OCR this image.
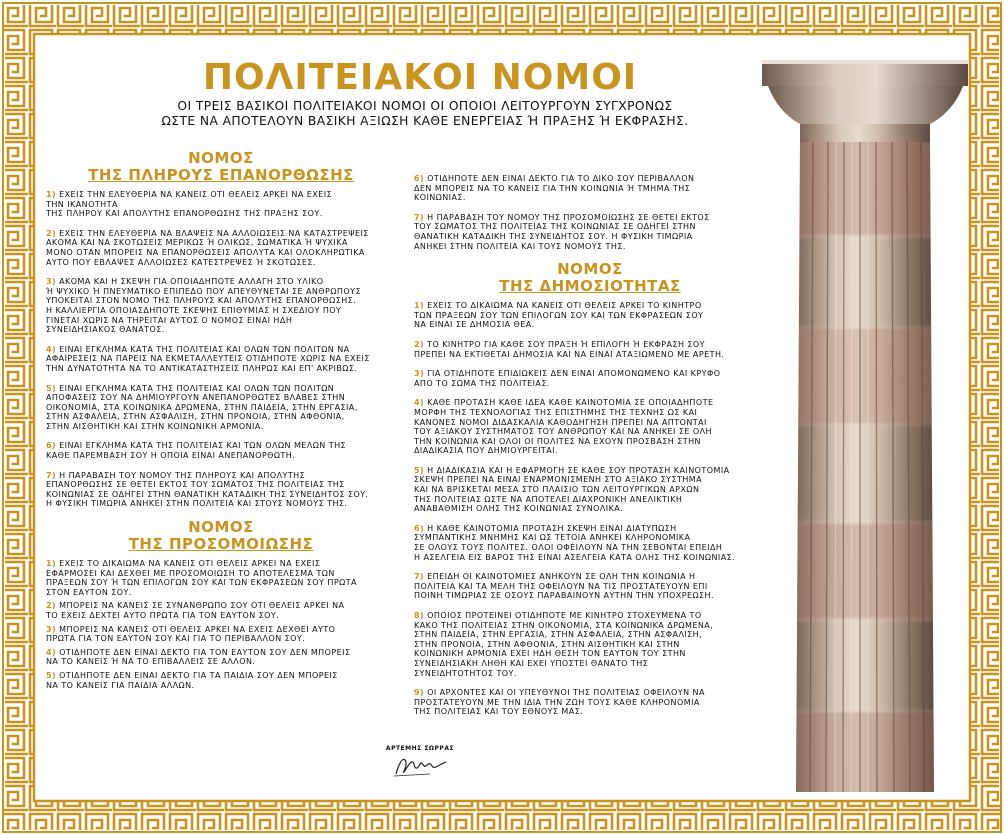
ΠΟΛΙΤΕΙΑΚΟΙ ΝΟΜΟΙ
ΟΙ ΤΡΕΙΣ ΒΑΣΙΚΟΙ ΠΟΛΙΤΕΙΑΚΟΙ ΝΟΜΟΙ ΟΙ ΟΠΟΙΟΙ ΛΕΙΤΟΥΡΓΟΥΝ ΣΥΓΧΡΟΝΩΣ
ΩΣΤΕ ΝΑ ΑΠΟΤΕΛΟΥΝ ΒΑΣΙΚΗ ΑΞΙΩΣΗ ΚΑΘΕ ΕΝΕΡΓΕΙΑΣ Ή ΠΡΑΞΗΣ Ή ΕΚΦΡΑΣΗΣ.
ΝΟΜΟΣ
ΤΗΣ ΠΛΗΡΟΥΣ ΕΠΑΝΟΡΘΩΣΗΣ
1) ΕΧΕΙΣ ΤΗΝ ΕΛΕΥΘΕΡΙΑ ΝΑ ΚΑΝΕΙΣ ΟΤΙ ΘΕΛΕΙΣ ΑΡΚΕΙ ΝΑ ΕΧΕΙΣ
ΤΗΝ ΙΚΑΝΟΤΗΤΑ
ΤΗΣ ΠΛΗΡΟΥ ΚΑΙ ΑΠΟΛΥΤΗΣ ΕΠΑΝΟΡΘΩΣΗΣ ΤΗΣ ΠΡΑΞΗΣ ΣΟΥ.
2) ΕΧΕΙΣ ΤΗΝ ΕΛΕΥΘΕΡΙΑ ΝΑ ΒΛΑΨΕΙΣ ΝΑ ΑΛΛΟΙΩΣΕΙΣ ΝΑ ΚΑΤΑΣΤΡΕΨΕΙΣ
ΑΚΟΜΑ ΚΑΙ ΝΑ ΣΚΟΤΩΣΕΙΣ ΜΕΡΙΚΩΣ Ή ΟΛΙΚΩΣ, ΣΩΜΑΤΙΚΑ Ή ΨΥΧΙΚΑ
ΜΟΝΟ ΟΤΑΝ ΜΠΟΡΕΙΣ ΝΑ ΕΠΑΝΟΡΘΩΣΕΙΣ ΑΠΟΛΥΤΑ ΚΑΙ ΟΛΟΚΛΗΡΩΤΙΚΑ
ΑΥΤΟ ΠΟΥ ΕΒΛΑΨΕΣ ΑΛΛΟΙΩΣΕΣ ΚΑΤΕΣΤΡΕΨΕΣ Ή ΣΚΟΤΩΣΕΣ.
3) ΑΚΟΜΑ ΚΑΙ Η ΣΚΕΨΗ ΓΙΑ ΟΠΟΙΑΔΗΠΟΤΕ ΑΛΛΑΓΗ ΣΤΟ ΥΛΙΚΟ
Ή ΨΥΧΙΚΟ Ή ΠΝΕΥΜΑΤΙΚΟ ΕΠΙΠΕΔΟ ΠΟΥ ΑΠΕΥΘΥΝΕΤΑΙ ΣΕ ΑΝΘΡΩΠΟΥΣ
ΥΠΟΚΕΙΤΑΙ ΣΤΟΝ ΝΟΜΟ ΤΗΣ ΠΛΗΡΟΥΣ ΚΑΙ ΑΠΟΛΥΤΗΣ ΕΠΑΝΟΡΘΩΣΗΣ.
Η ΚΑΛΛΙΕΡΓΙΑ ΟΠΟΙΑΣΔΗΠΟΤΕ ΣΚΕΨΗΣ ΕΠΙΘΥΜΙΑΣ Η ΣΧΕΔΙΟΥ ΠΟΥ
ΓΙΝΕΤΑΙ ΧΩΡΙΣ ΝΑ ΤΗΡΕΙΤΑΙ ΑΥΤΟΣ Ο ΝΟΜΟΣ ΕΙΝΑΙ ΗΔΗ
ΣΥΝΕΙΔΗΣΙΑΚΟΣ ΘΑΝΑΤΟΣ.
4) ΕΙΝΑΙ ΕΓΚΛΗΜΑ ΚΑΤΑ ΤΗΣ ΠΟΛΙΤΕΙΑΣ ΚΑΙ ΟΛΩΝ ΤΩΝ ΠΟΛΙΤΩΝ ΝΑ
ΑΦΑΙΡΕΣΕΙΣ ΝΑ ΠΑΡΕΙΣ ΝΑ ΕΚΜΕΤΑΛΛΕΥΤΕΙΣ ΟΤΙΔΗΠΟΤΕ ΧΩΡΙΣ ΝΑ ΕΧΕΙΣ
ΤΗΝ ΔΥΝΑΤΟΤΗΤΑ ΝΑ ΤΟ ΑΝΤΙΚΑΤΑΣΤΗΣΕΙΣ ΠΛΗΡΩΣ ΚΑΙ ΕΠ' ΑΚΡΙΒΩΣ.
5) ΕΙΝΑΙ ΕΓΚΛΗΜΑ ΚΑΤΑ ΤΗΣ ΠΟΛΙΤΕΙΑΣ ΚΑΙ ΟΛΩΝ ΤΩΝ ΠΟΛΙΤΩΝ
ΑΠΟΦΑΣΕΙΣ ΣΟΥ ΝΑ ΔΗΜΙΟΥΡΓΟΥΝ ΑΝΕΠΑΝΟΡΘΩΤΕΣ ΒΛΑΒΕΣ ΣΤΗΝ
ΟΙΚΟΝΟΜΙΑ, ΣΤΑ ΚΟΙΝΩΝΙΚΑ ΔΡΩΜΕΝΑ, ΣΤΗΝ ΠΑΙΔΕΙΑ, ΣΤΗΝ ΕΡΓΑΣΙΑ,
ΣΤΗΝ ΑΣΦΑΛΕΙΑ, ΣΤΗΝ ΑΣΦΑΛΙΣΗ, ΣΤΗΝ ΠΡΟΝΟΙΑ, ΣΤΗΝ ΑΦΘΟΝΙΑ,
ΣΤΗΝ ΑΙΣΘΗΤΙΚΗ ΚΑΙ ΣΤΗΝ ΚΟΙΝΩΝΙΚΗ ΑΡΜΟΝΙΑ.
6) ΕΙΝΑΙ ΕΓΚΛΗΜΑ ΚΑΤΑ ΤΗΣ ΠΟΛΙΤΕΙΑΣ ΚΑΙ ΤΩΝ ΟΛΩΝ ΜΕΛΩΝ ΤΗΣ
ΚΑΘΕ ΠΑΡΕΜΒΑΣΗ ΣΟΥ Η ΟΠΟΙΑ ΕΙΝΑΙ ΑΝΕΠΑΝΟΡΘΩΤΗ.
7) Η ΠΑΡΑΒΑΣΗ ΤΟΥ ΝΟΜΟΥ ΤΗΣ ΠΛΗΡΟΥΣ ΚΑΙ ΑΠΟΛΥΤΗΣ
ΕΠΑΝΟΡΘΩΣΗΣ ΣΕ ΘΕΤΕΙ ΕΚΤΟΣ ΤΟΥ ΣΩΜΑΤΟΣ ΤΗΣ ΠΟΛΙΤΕΙΑΣ ΤΗΣ
ΚΟΙΝΩΝΙΑΣ ΣΕ ΟΔΗΓΕΙ ΣΤΗΝ ΘΑΝΑΤΙΚΗ ΚΑΤΑΔΙΚΗ ΤΗΣ ΣΥΝΕΙΔΗΤΟΣ ΣΟΥ.
Η ΦΥΣΙΚΗ ΤΙΜΩΡΙΑ ΑΝΗΚΕΙ ΣΤΗΝ ΠΟΛΙΤΕΙΑ ΚΑΙ ΣΤΟΥΣ ΝΟΜΟΥΣ ΤΗΣ.
ΝΟΜΟΣ
ΤΗΣ ΠΡΟΣΟΜΟΙΩΣΗΣ
1) ΕΧΕΙΣ ΤΟ ΔΙΚΑΙΩΜΑ ΝΑ ΚΑΝΕΙΣ ΟΤΙ ΘΕΛΕΙΣ ΑΡΚΕΙ ΝΑ ΕΧΕΙΣ
ΕΦΑΡΜΟΣΕΙ ΚΑΙ ΔΕΧΘΕΙ ΜΕ ΠΡΟΣΟΜΟΙΩΣΗ ΤΟ ΑΠΟΤΕΛΕΣΜΑ ΤΩΝ
ΠΡΑΞΕΩΝ ΣΟΥ Ή ΤΩΝ ΕΠΙΛΟΓΩΝ ΣΟΥ ΚΑΙ ΤΩΝ ΕΚΦΡΑΣΕΩΝ ΣΟΥ ΠΡΩΤΑ
ΣΤΟΝ ΕΑΥΤΟΝ ΣΟΥ.
2) ΜΠΟΡΕΙΣ ΝΑ ΚΑΝΕΙΣ ΣΕ ΣΥΝΑΝΘΡΩΠΟ ΣΟΥ ΟΤΙ ΘΕΛΕΙΣ ΑΡΚΕΙ ΝΑ
ΤΟ ΕΧΕΙΣ ΔΕΧΤΕΙ ΑΥΤΟ ΠΡΩΤΑ ΓΙΑ ΤΟΝ ΕΑΥΤΟΝ ΣΟΥ.
3) ΜΠΟΡΕΙΣ ΝΑ ΚΑΝΕΙΣ ΟΤΙ ΘΕΛΕΙΣ ΑΡΚΕΙ ΝΑ ΕΧΕΙΣ ΔΕΧΘΕΙ ΑΥΤΟ
ΠΡΩΤΑ ΓΙΑ ΤΟΝ ΕΑΥΤΟΝ ΣΟΥ ΚΑΙ ΓΙΑ ΤΟ ΠΕΡΙΒΑΛΛΟΝ ΣΟΥ.
4) ΟΤΙΔΗΠΟΤΕ ΔΕΝ ΕΙΝΑΙ ΔΕΚΤΟ ΓΙΑ ΤΟΝ ΕΑΥΤΟΝ ΣΟΥ ΔΕΝ ΜΠΟΡΕΙΣ
ΝΑ ΤΟ ΚΑΝΕΙΣ Ή ΝΑ ΤΟ ΕΠΙΒΑΛΛΕΙΣ ΣΕ ΑΛΛΟΝ.
5) ΟΤΙΔΗΠΟΤΕ ΔΕΝ ΕΙΝΑΙ ΔΕΚΤΟ ΓΙΑ ΤΑ ΠΑΙΔΙΑ ΣΟΥ ΔΕΝ ΜΠΟΡΕΙΣ
ΝΑ ΤΟ ΚΑΝΕΙΣ ΓΙΑ ΠΑΙΔΙΑ ΑΛΛΩΝ.
6) ΟΤΙΔΗΠΟΤΕ ΔΕΝ ΕΙΝΑΙ ΔΕΚΤΟ ΓΙΑ ΤΟ ΔΙΚΟ ΣΟΥ ΠΕΡΙΒΑΛΛΟΝ
ΔΕΝ ΜΠΟΡΕΙΣ ΝΑ ΤΟ ΚΑΝΕΙΣ ΓΙΑ ΤΗΝ ΚΟΙΝΩΝΙΑ Ή ΤΜΗΜΑ ΤΗΣ
ΚΟΙΝΩΝΙΑΣ.
7) Η ΠΑΡΑΒΑΣΗ ΤΟΥ ΝΟΜΟΥ ΤΗΣ ΠΡΟΣΟΜΟΙΩΣΗΣ ΣΕ ΘΕΤΕΙ ΕΚΤΟΣ
ΤΟΥ ΣΩΜΑΤΟΣ ΤΗΣ ΠΟΛΙΤΕΙΑΣ ΤΗΣ ΚΟΙΝΩΝΙΑΣ ΣΕ ΟΔΗΓΕΙ ΣΤΗΝ
ΘΑΝΑΤΙΚΗ ΚΑΤΑΔΙΚΗ ΤΗΣ ΣΥΝΕΙΔΗΤΟΣ ΣΟΥ. Η ΦΥΣΙΚΗ ΤΙΜΩΡΙΑ
ΑΝΗΚΕΙ ΣΤΗΝ ΠΟΛΙΤΕΙΑ ΚΑΙ ΤΟΥΣ ΝΟΜΟΥΣ ΤΗΣ.
ΝΟΜΟΣ
ΤΗΣ ΔΗΜΟΣΙΟΤΗΤΑΣ
1) ΕΧΕΙΣ ΤΟ ΔΙΚΑΙΩΜΑ ΝΑ ΚΑΝΕΙΣ ΟΤΙ ΘΕΛΕΙΣ ΑΡΚΕΙ ΤΟ ΚΙΝΗΤΡΟ
ΤΩΝ ΠΡΑΞΕΩΝ ΣΟΥ ΤΩΝ ΕΠΙΛΟΓΩΝ ΣΟΥ ΚΑΙ ΤΩΝ ΕΚΦΡΑΣΕΩΝ ΣΟΥ
ΝΑ ΕΙΝΑΙ ΣΕ ΔΗΜΟΣΙΑ ΘΕΑ.
2) ΤΟ ΚΙΝΗΤΡΟ ΓΙΑ ΚΑΘΕ ΣΟΥ ΠΡΑΞΗ Ή ΕΠΙΛΟΓΗ Ή ΕΚΦΡΑΣΗ ΣΟΥ
ΠΡΕΠΕΙ ΝΑ ΕΚΤΙΘΕΤΑΙ ΔΗΜΟΣΙΑ ΚΑΙ ΝΑ ΕΙΝΑΙ ΑΤΑΞΙΩΜΕΝΟ ΜΕ ΑΡΕΤΗ.
3) ΓΙΑ ΟΤΙΔΗΠΟΤΕ ΕΠΙΔΙΩΚΕΙΣ ΔΕΝ ΕΙΝΑΙ ΑΠΟΜΟΝΩΜΕΝΟ ΚΑΙ ΚΡΥΦΟ
ΑΠΟ ΤΟ ΣΩΜΑ ΤΗΣ ΠΟΛΙΤΕΙΑΣ.
4) ΚΑΘΕ ΠΡΟΤΑΣΗ ΚΑΘΕ ΙΔΕΑ ΚΑΘΕ ΚΑΙΝΟΤΟΜΙΑ ΣΕ ΟΠΟΙΑΔΗΠΟΤΕ
ΜΟΡΦΗ ΤΗΣ ΤΕΧΝΟΛΟΓΙΑΣ ΤΗΣ ΕΠΙΣΤΗΜΗΣ ΤΗΣ ΤΕΧΝΗΣ ΩΣ ΚΑΙ
ΚΑΝΟΝΕΣ ΝΟΜΟΙ ΔΙΔΑΣΚΑΛΙΑ ΚΑΘΟΔΗΓΗΣΗ ΠΡΕΠΕΙ ΝΑ ΑΠΤΟΝΤΑΙ
ΤΟΥ ΑΞΙΑΚΟΥ ΣΥΣΤΗΜΑΤΟΣ ΤΟΥ ΑΝΘΡΩΠΟΥ ΚΑΙ ΝΑ ΑΝΗΚΕΙ ΣΕ ΟΛΗ
ΤΗΝ ΚΟΙΝΩΝΙΑ ΚΑΙ ΟΛΟΙ ΟΙ ΠΟΛΙΤΕΣ ΝΑ ΕΧΟΥΝ ΠΡΟΣΒΑΣΗ ΣΤΗΝ
ΔΙΑΔΙΚΑΣΙΑ ΠΟΥ ΔΗΜΙΟΥΡΓΕΙΤΑΙ.
5) Η ΔΙΑΔΙΚΑΣΙΑ ΚΑΙ Η ΕΦΑΡΜΟΓΗ ΣΕ ΚΑΘΕ ΣΟΥ ΠΡΟΤΑΣΗ ΚΑΙΝΟΤΟΜΙΑ
ΣΚΕΨΗ ΠΡΕΠΕΙ ΝΑ ΕΙΝΑΙ ΕΝΑΡΜΟΝΙΣΜΕΝΗ ΣΤΟ ΑΞΙΑΚΟ ΣΥΣΤΗΜΑ
ΚΑΙ ΝΑ ΒΡΙΣΚΕΤΑΙ ΜΕΣΑ ΣΤΟ ΠΛΑΙΣΙΟ ΤΩΝ ΛΕΙΤΟΥΡΓΙΚΩΝ ΑΡΧΩΝ
ΤΗΣ ΠΟΛΙΤΕΙΑΣ ΩΣΤΕ ΝΑ ΑΠΟΤΕΛΕΙ ΔΙΑΧΡΟΝΙΚΗ ΑΝΕΛΙΚΤΙΚΗ
ΑΝΑΒΑΘΜΙΣΗ ΟΛΗΣ ΤΗΣ ΚΟΙΝΩΝΙΑΣ ΣΥΝΟΛΙΚΑ.
6) Η ΚΑΘΕ ΚΑΙΝΟΤΟΜΙΑ ΠΡΟΤΑΣΗ ΣΚΕΨΗ ΕΙΝΑΙ ΔΙΑΤΥΠΩΣΗ
ΣΥΜΠΑΝΤΙΚΗΣ ΜΝΗΜΗΣ ΚΑΙ ΩΣ ΤΕΤΟΙΑ ΑΝΗΚΕΙ ΚΛΗΡΟΝΟΜΙΚΑ
ΣΕ ΟΛΟΥΣ ΤΟΥΣ ΠΟΛΙΤΕΣ. ΟΛΟΙ ΟΦΕΙΛΟΥΝ ΝΑ ΤΗΝ ΣΕΒΟΝΤΑΙ ΕΠΕΙΔΗ
Η ΑΣΕΛΓΕΙΑ ΕΙΣ ΒΑΡΟΣ ΤΗΣ ΕΙΝΑΙ ΑΣΕΛΓΕΙΑ ΚΑΤΑ ΟΛΗΣ ΤΗΣ ΚΟΙΝΩΝΙΑΣ.
7) ΕΠΕΙΔΗ ΟΙ ΚΑΙΝΟΤΟΜΙΕΣ ΑΝΗΚΟΥΝ ΣΕ ΟΛΗ ΤΗΝ ΚΟΙΝΩΝΙΑ Η
ΠΟΛΙΤΕΙΑ ΚΑΙ ΤΑ ΜΕΛΗ ΤΗΣ ΟΦΕΙΛΟΥΝ ΝΑ ΤΙΣ ΠΡΟΣΤΑΤΕΥΟΥΝ ΕΠΙ
ΠΟΙΝΗ ΤΙΜΩΡΙΑΣ ΣΕ ΟΣΟΥΣ ΠΑΡΑΒΑΙΝΟΥΝ ΑΥΤΗΝ ΤΗΝ ΥΠΟΧΡΕΩΣΗ.
8) ΟΠΟΙΟΣ ΠΡΟΤΕΙΝΕΙ ΟΤΙΔΗΠΟΤΕ ΜΕ ΚΙΝΗΤΡΟ ΣΤΟΧΕΥΜΕΝΑ ΤΟ
ΚΑΚΟ ΤΗΣ ΠΟΛΙΤΕΙΑΣ ΣΤΗΝ ΟΙΚΟΝΟΜΙΑ, ΣΤΑ ΚΟΙΝΩΝΙΚΑ ΔΡΩΜΕΝΑ,
ΣΤΗΝ ΠΑΙΔΕΙΑ, ΣΤΗΝ ΕΡΓΑΣΙΑ, ΣΤΗΝ ΑΣΦΑΛΕΙΑ, ΣΤΗΝ ΑΣΦΑΛΙΣΗ,
ΣΤΗΝ ΠΡΟΝΟΙΑ, ΣΤΗΝ ΑΦΘΟΝΙΑ, ΣΤΗΝ ΑΙΣΘΗΤΙΚΗ ΚΑΙ ΣΤΗΝ
ΚΟΙΝΩΝΙΚΗ ΑΡΜΟΝΙΑ ΕΧΕΙ ΗΔΗ ΘΕΣΗ ΤΟΝ ΕΑΥΤΟΝ ΤΟΥ ΣΤΗΝ
ΣΥΝΕΙΔΗΣΙΑΚΗ ΛΗΘΗ ΚΑΙ ΕΧΕΙ ΥΠΟΣΤΕΙ ΘΑΝΑΤΟ ΤΗΣ
ΣΥΝΕΙΔΗΤΟΤΗΤΟΣ ΤΟΥ.
9) ΟΙ ΑΡΧΟΝΤΕΣ ΚΑΙ ΟΙ ΥΠΕΥΘΥΝΟΙ ΤΗΣ ΠΟΛΙΤΕΙΑΣ ΟΦΕΙΛΟΥΝ ΝΑ
ΠΡΟΣΤΑΤΕΥΟΥΝ ΜΕ ΤΗΝ ΙΔΙΑ ΤΗΝ ΖΩΗ ΤΟΥΣ ΚΑΘΕ ΚΛΗΡΟΝΟΜΙΑ
ΤΗΣ ΠΟΛΙΤΕΙΑΣ ΚΑΙ ΤΟΥ ΕΘΝΟΥΣ ΜΑΣ.
ΑΡΤΕΜΗΣ ΣΩΡΡΑΣ
